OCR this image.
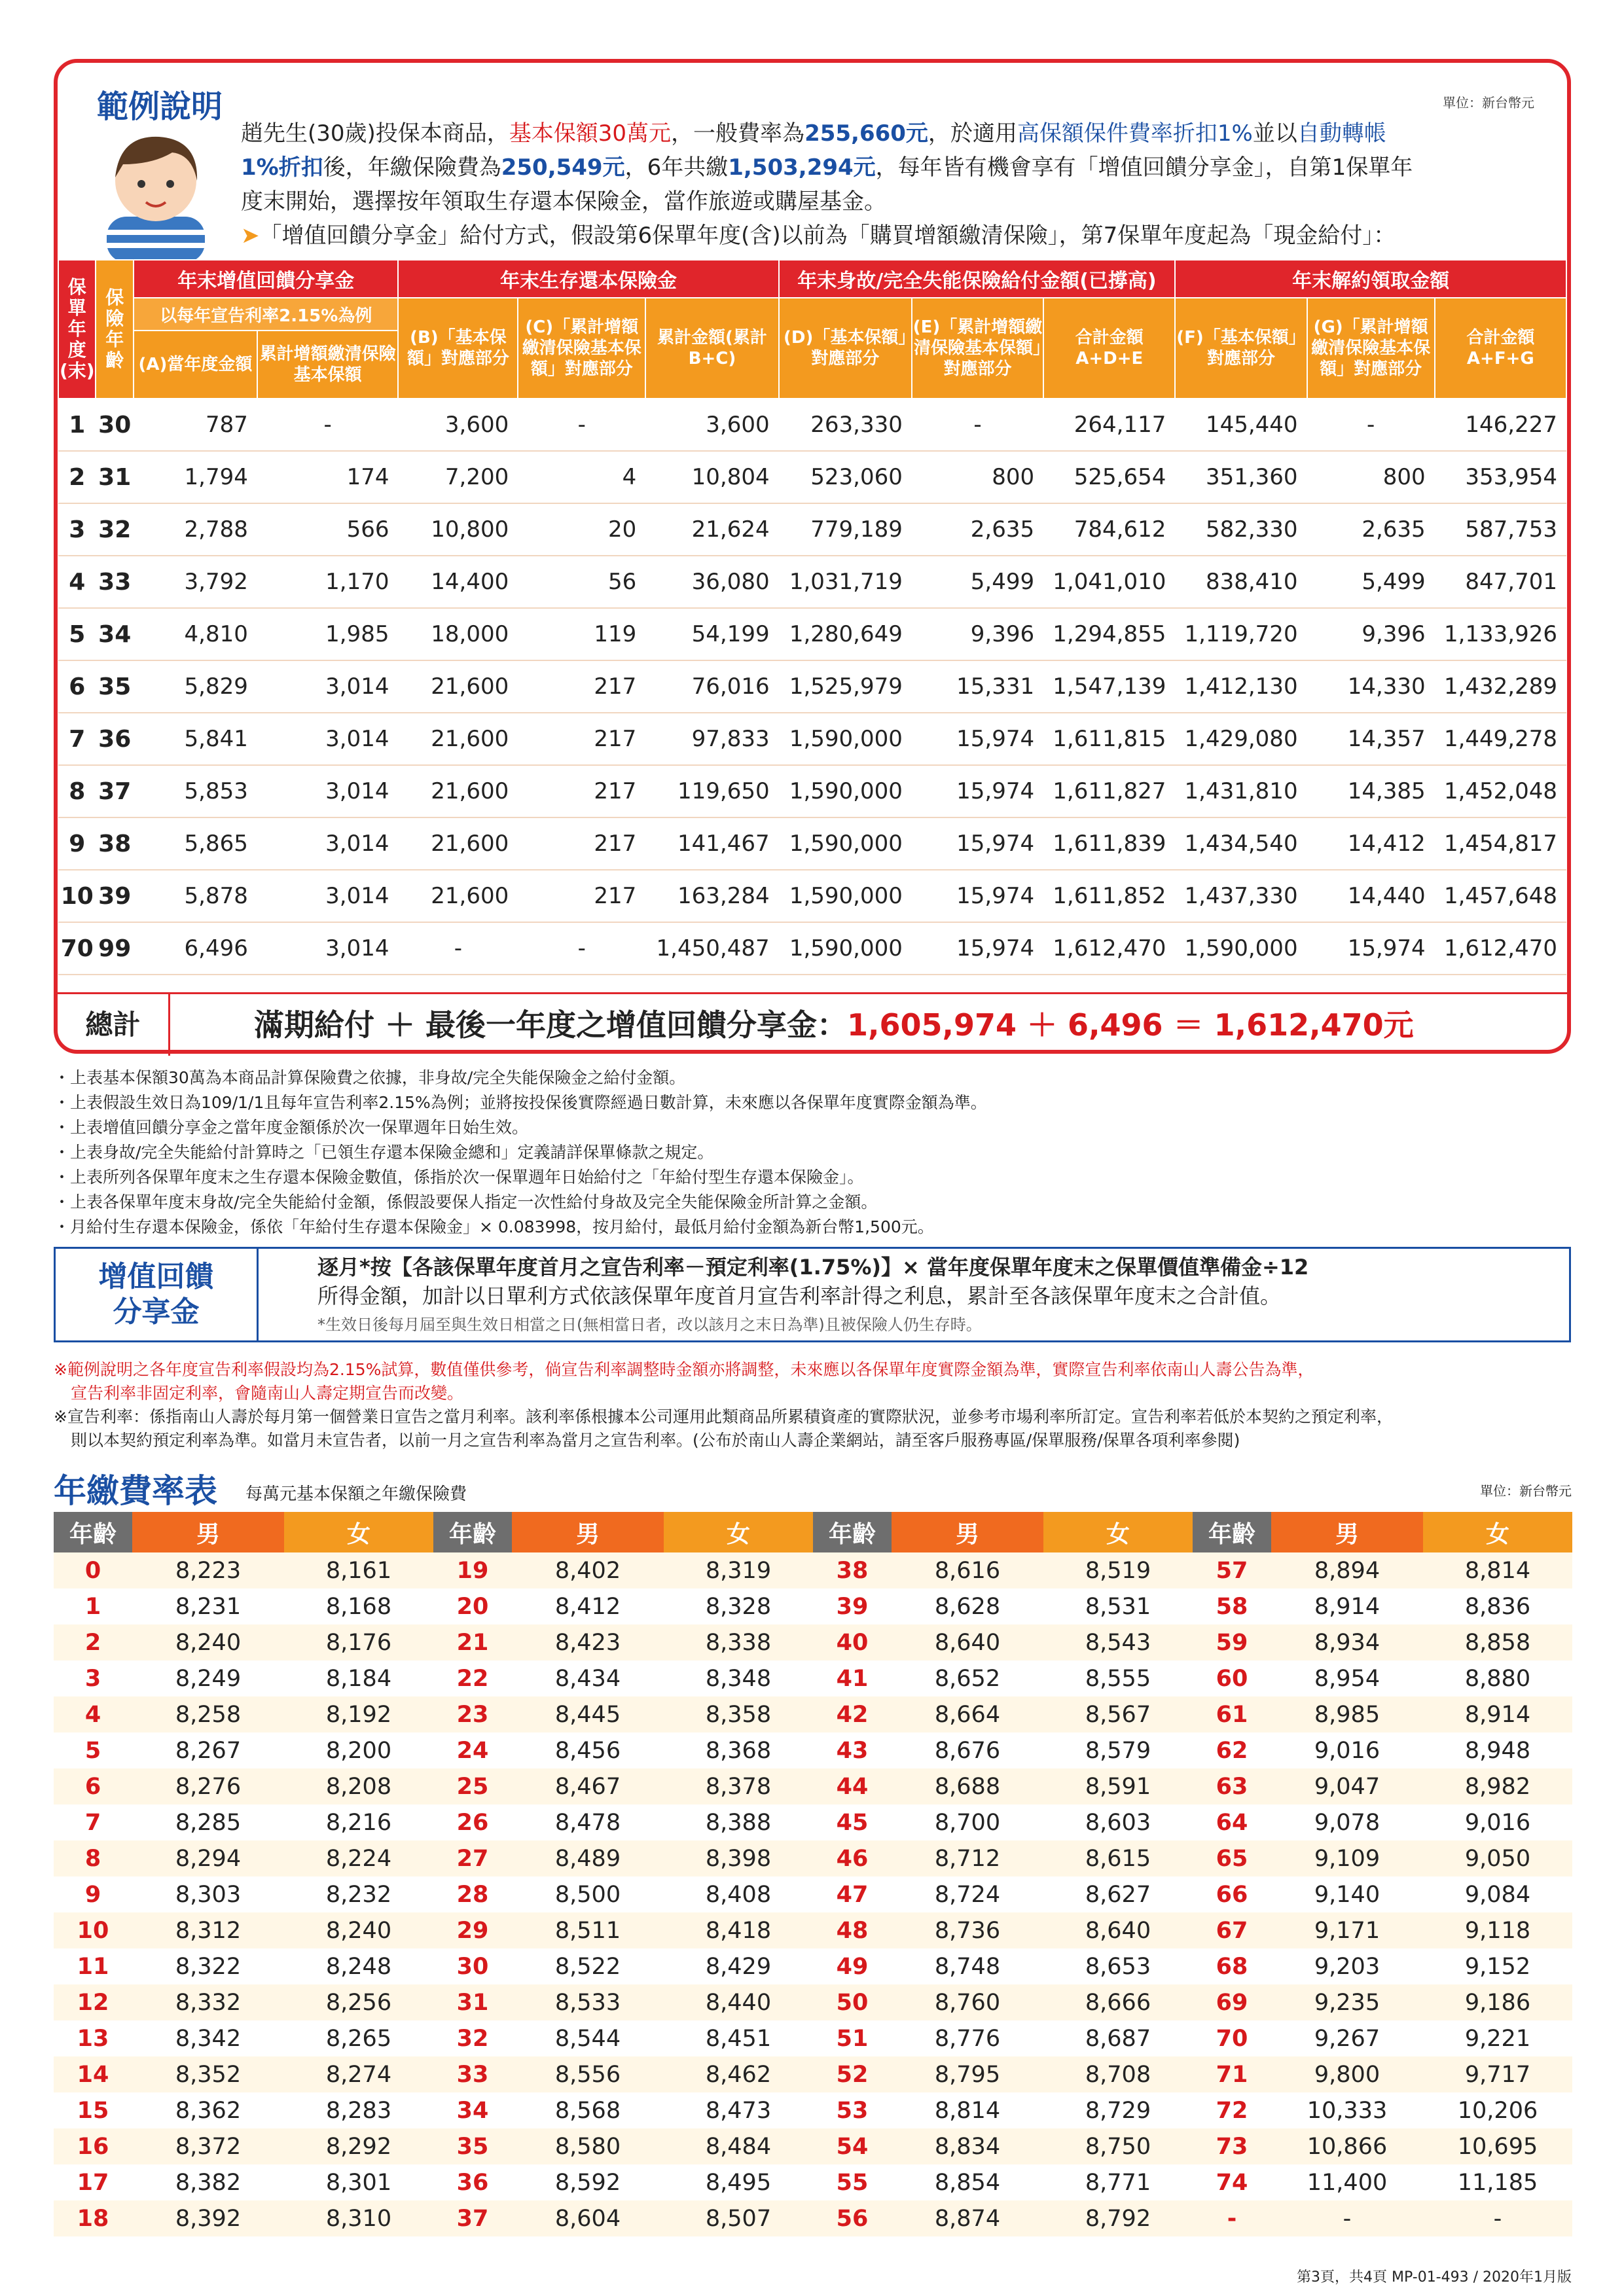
範例說明	單位：新台幣元

趙先生(30歲)投保本商品，基本保額30萬元，一般費率為255,660元，於適用高保額保件費率折扣1%並以自動轉帳

1%折扣後，年繳保險費為250,549元，6年共繳1,503,294元，每年皆有機會享有「增值回饋分享金」，自第1保單年

度末開始，選擇按年領取生存還本保險金，當作旅遊或購屋基金。

➤「增值回饋分享金」給付方式，假設第6保單年度(含)以前為「購買增額繳清保險」，第7保單年度起為「現金給付」：

保
單
年
度
(末)	保
險
年
齡	年末增值回饋分享金		年末生存還本保險金			年末身故/完全失能保險給付金額(已撐高)			年末解約領取金額		
		以每年宣告利率2.15%為例		(B)「基本保額」對應部分	(C)「累計增額繳清保險基本保額」對應部分	累計金額(累計B+C)	(D)「基本保額」對應部分	(E)「累計增額繳清保險基本保額」對應部分	合計金額A+D+E	(F)「基本保額」對應部分	(G)「累計增額繳清保險基本保額」對應部分	合計金額A+F+G
		(A)當年度金額	累計增額繳清保險基本保額									
1	30	787	-	3,600	-	3,600	263,330	-	264,117	145,440	-	146,227
2	31	1,794	174	7,200	4	10,804	523,060	800	525,654	351,360	800	353,954
3	32	2,788	566	10,800	20	21,624	779,189	2,635	784,612	582,330	2,635	587,753
4	33	3,792	1,170	14,400	56	36,080	1,031,719	5,499	1,041,010	838,410	5,499	847,701
5	34	4,810	1,985	18,000	119	54,199	1,280,649	9,396	1,294,855	1,119,720	9,396	1,133,926
6	35	5,829	3,014	21,600	217	76,016	1,525,979	15,331	1,547,139	1,412,130	14,330	1,432,289
7	36	5,841	3,014	21,600	217	97,833	1,590,000	15,974	1,611,815	1,429,080	14,357	1,449,278
8	37	5,853	3,014	21,600	217	119,650	1,590,000	15,974	1,611,827	1,431,810	14,385	1,452,048
9	38	5,865	3,014	21,600	217	141,467	1,590,000	15,974	1,611,839	1,434,540	14,412	1,454,817
10	39	5,878	3,014	21,600	217	163,284	1,590,000	15,974	1,611,852	1,437,330	14,440	1,457,648
70	99	6,496	3,014	-	-	1,450,487	1,590,000	15,974	1,612,470	1,590,000	15,974	1,612,470
總計	滿期給付 ＋ 最後一年度之增值回饋分享金：1,605,974 ＋ 6,496 ＝ 1,612,470元
・上表基本保額30萬為本商品計算保險費之依據，非身故/完全失能保險金之給付金額。
・上表假設生效日為109/1/1且每年宣告利率2.15%為例；並將按投保後實際經過日數計算，未來應以各保單年度實際金額為準。
・上表增值回饋分享金之當年度金額係於次一保單週年日始生效。
・上表身故/完全失能給付計算時之「已領生存還本保險金總和」定義請詳保單條款之規定。
・上表所列各保單年度末之生存還本保險金數值，係指於次一保單週年日始給付之「年給付型生存還本保險金」。
・上表各保單年度末身故/完全失能給付金額，係假設要保人指定一次性給付身故及完全失能保險金所計算之金額。
・月給付生存還本保險金，係依「年給付生存還本保險金」× 0.083998，按月給付，最低月給付金額為新台幣1,500元。
增值回饋
分享金
逐月*按【各該保單年度首月之宣告利率－預定利率(1.75%)】× 當年度保單年度末之保單價值準備金÷12
所得金額，加計以日單利方式依該保單年度首月宣告利率計得之利息，累計至各該保單年度末之合計值。
*生效日後每月屆至與生效日相當之日(無相當日者，改以該月之末日為準)且被保險人仍生存時。
※範例說明之各年度宣告利率假設均為2.15%試算，數值僅供參考，倘宣告利率調整時金額亦將調整，未來應以各保單年度實際金額為準，實際宣告利率依南山人壽公告為準，
宣告利率非固定利率，會隨南山人壽定期宣告而改變。
※宣告利率：係指南山人壽於每月第一個營業日宣告之當月利率。該利率係根據本公司運用此類商品所累積資產的實際狀況，並參考市場利率所訂定。宣告利率若低於本契約之預定利率，
則以本契約預定利率為準。如當月未宣告者，以前一月之宣告利率為當月之宣告利率。(公布於南山人壽企業網站，請至客戶服務專區/保單服務/保單各項利率參閱)
年繳費率表 每萬元基本保額之年繳保險費	單位：新台幣元
年齡	男	女	年齡	男	女	年齡	男	女	年齡	男	女
0	8,223	8,161	19	8,402	8,319	38	8,616	8,519	57	8,894	8,814
1	8,231	8,168	20	8,412	8,328	39	8,628	8,531	58	8,914	8,836
2	8,240	8,176	21	8,423	8,338	40	8,640	8,543	59	8,934	8,858
3	8,249	8,184	22	8,434	8,348	41	8,652	8,555	60	8,954	8,880
4	8,258	8,192	23	8,445	8,358	42	8,664	8,567	61	8,985	8,914
5	8,267	8,200	24	8,456	8,368	43	8,676	8,579	62	9,016	8,948
6	8,276	8,208	25	8,467	8,378	44	8,688	8,591	63	9,047	8,982
7	8,285	8,216	26	8,478	8,388	45	8,700	8,603	64	9,078	9,016
8	8,294	8,224	27	8,489	8,398	46	8,712	8,615	65	9,109	9,050
9	8,303	8,232	28	8,500	8,408	47	8,724	8,627	66	9,140	9,084
10	8,312	8,240	29	8,511	8,418	48	8,736	8,640	67	9,171	9,118
11	8,322	8,248	30	8,522	8,429	49	8,748	8,653	68	9,203	9,152
12	8,332	8,256	31	8,533	8,440	50	8,760	8,666	69	9,235	9,186
13	8,342	8,265	32	8,544	8,451	51	8,776	8,687	70	9,267	9,221
14	8,352	8,274	33	8,556	8,462	52	8,795	8,708	71	9,800	9,717
15	8,362	8,283	34	8,568	8,473	53	8,814	8,729	72	10,333	10,206
16	8,372	8,292	35	8,580	8,484	54	8,834	8,750	73	10,866	10,695
17	8,382	8,301	36	8,592	8,495	55	8,854	8,771	74	11,400	11,185
18	8,392	8,310	37	8,604	8,507	56	8,874	8,792	-	-	-
第3頁，共4頁 MP-01-493 / 2020年1月版
